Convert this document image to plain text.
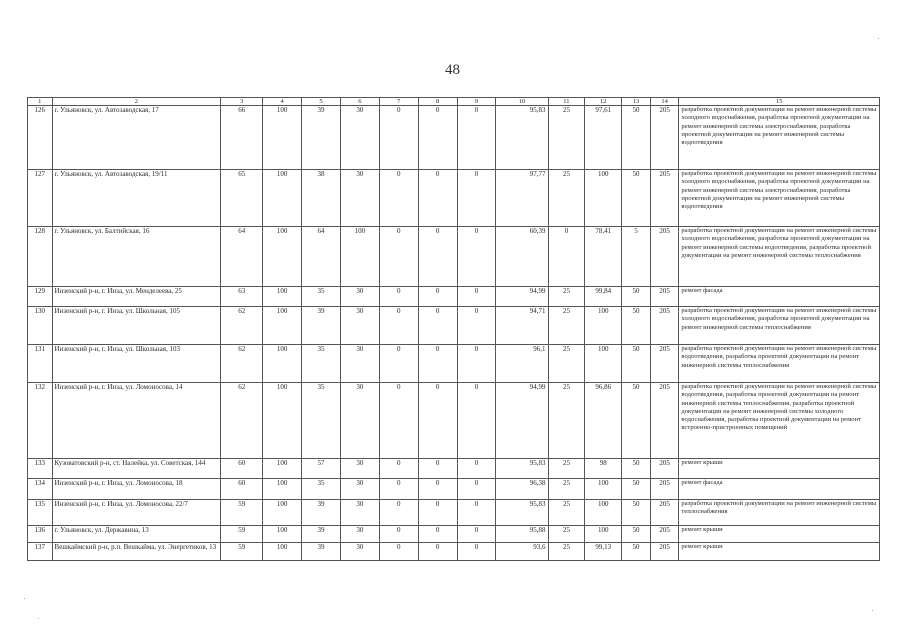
48
1	2	3	4	5	6	7	8	9	10	11	12	13	14	15
126	г. Ульяновск, ул. Автозаводская, 17	66	100	39	30	0	0	0	95,83	25	97,61	50	205	разработка проектной документации на ремонт инженерной системы холодного водоснабжения, разработка проектной документации на ремонт инженерной системы электроснабжения, разработка проектной документации на ремонт инженерной системы водоотведения
127	г. Ульяновск, ул. Автозаводская, 19/11	65	100	38	30	0	0	0	97,77	25	100	50	205	разработка проектной документации на ремонт инженерной системы холодного водоснабжения, разработка проектной документации на ремонт инженерной системы электроснабжения, разработка проектной документации на ремонт инженерной системы водоотведения
128	г. Ульяновск, ул. Балтийская, 16	64	100	64	100	0	0	0	60,39	0	78,41	5	205	разработка проектной документации на ремонт инженерной системы холодного водоснабжения, разработка проектной документации на ремонт инженерной системы водоотведения, разработка проектной документации на ремонт инженерной системы теплоснабжения
129	Инзенский р-н, г. Инза, ул. Менделеева, 25	63	100	35	30	0	0	0	94,99	25	99,84	50	205	ремонт фасада
130	Инзенский р-н, г. Инза, ул. Школьная, 105	62	100	39	30	0	0	0	94,71	25	100	50	205	разработка проектной документации на ремонт инженерной системы холодного водоснабжения, разработка проектной документации на ремонт инженерной системы теплоснабжения
131	Инзенский р-н, г. Инза, ул. Школьная, 103	62	100	35	30	0	0	0	96,1	25	100	50	205	разработка проектной документации на ремонт инженерной системы водоотведения, разработка проектной документации на ремонт инженерной системы теплоснабжения
132	Инзенский р-н, г. Инза, ул. Ломоносова, 14	62	100	35	30	0	0	0	94,99	25	96,86	50	205	разработка проектной документации на ремонт инженерной системы водоотведения, разработка проектной документации на ремонт инженерной системы теплоснабжения, разработка проектной документации на ремонт инженерной системы холодного водоснабжения, разработка проектной документации на ремонт встроенно-пристроенных помещений
133	Кузоватовский р-н, ст. Налейка, ул. Советская, 144	60	100	57	30	0	0	0	95,83	25	98	50	205	ремонт крыши
134	Инзенский р-н, г. Инза, ул. Ломоносова, 18	60	100	35	30	0	0	0	96,38	25	100	50	205	ремонт фасада
135	Инзенский р-н, г. Инза, ул. Ломоносова, 22/7	59	100	39	30	0	0	0	95,83	25	100	50	205	разработка проектной документации на ремонт инженерной системы теплоснабжения
136	г. Ульяновск, ул. Державина, 13	59	100	39	30	0	0	0	95,88	25	100	50	205	ремонт крыши
137	Вешкаймский р-н, р.п. Вешкайма, ул. Энергетиков, 13	59	100	39	30	0	0	0	93,6	25	99,13	50	205	ремонт крыши
